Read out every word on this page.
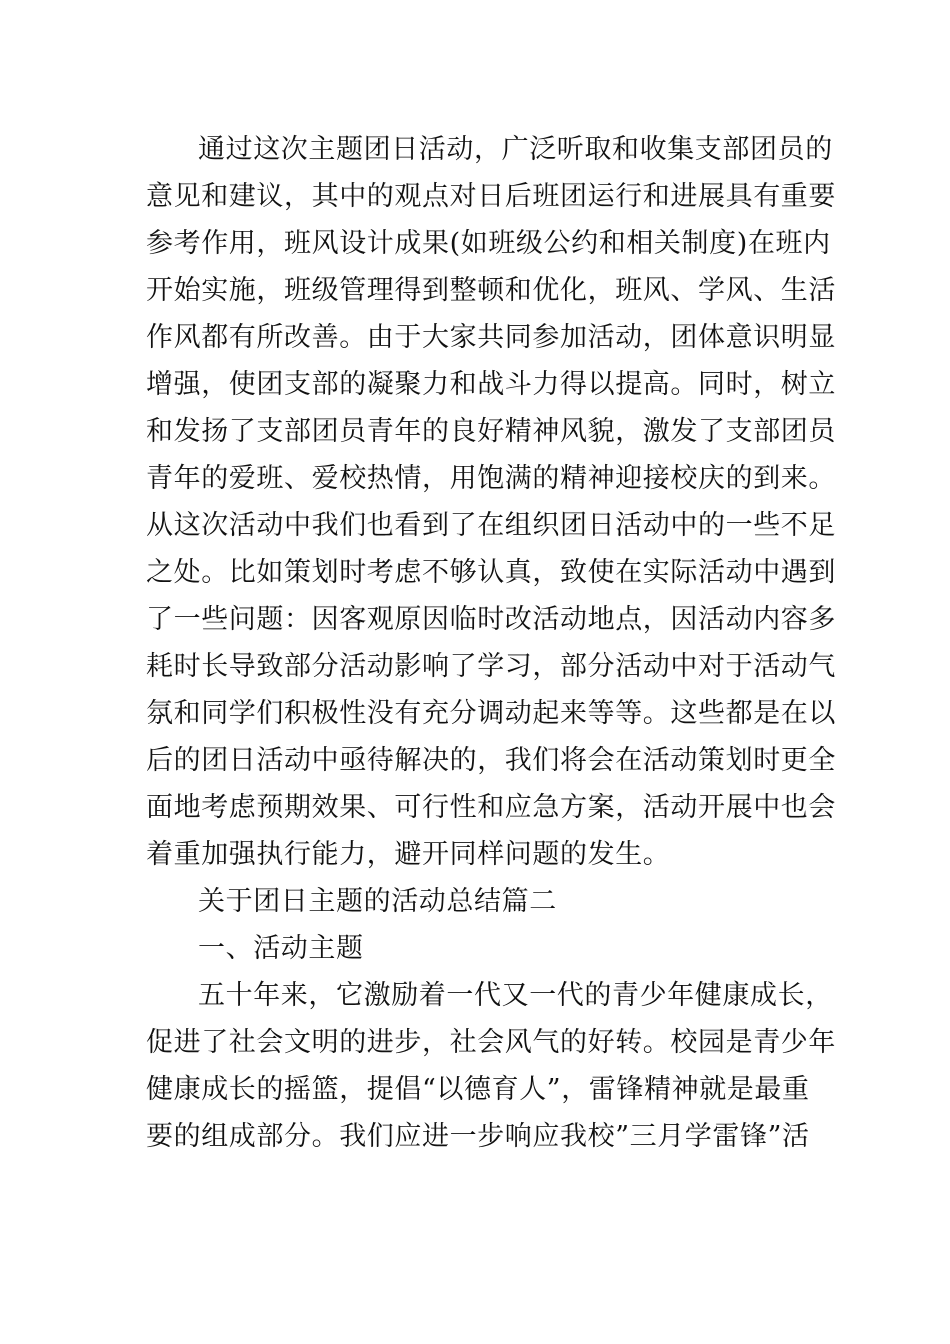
通过这次主题团日活动，广泛听取和收集支部团员的
意见和建议，其中的观点对日后班团运行和进展具有重要
参考作用，班风设计成果(如班级公约和相关制度)在班内
开始实施，班级管理得到整顿和优化，班风、学风、生活
作风都有所改善。由于大家共同参加活动，团体意识明显
增强，使团支部的凝聚力和战斗力得以提高。同时，树立
和发扬了支部团员青年的良好精神风貌，激发了支部团员
青年的爱班、爱校热情，用饱满的精神迎接校庆的到来。
从这次活动中我们也看到了在组织团日活动中的一些不足
之处。比如策划时考虑不够认真，致使在实际活动中遇到
了一些问题：因客观原因临时改活动地点，因活动内容多
耗时长导致部分活动影响了学习，部分活动中对于活动气
氛和同学们积极性没有充分调动起来等等。这些都是在以
后的团日活动中亟待解决的，我们将会在活动策划时更全
面地考虑预期效果、可行性和应急方案，活动开展中也会
着重加强执行能力，避开同样问题的发生。
关于团日主题的活动总结篇二
一、活动主题
五十年来，它激励着一代又一代的青少年健康成长，
促进了社会文明的进步，社会风气的好转。校园是青少年
健康成长的摇篮，提倡“以德育人”，雷锋精神就是最重
要的组成部分。我们应进一步响应我校”三月学雷锋”活
